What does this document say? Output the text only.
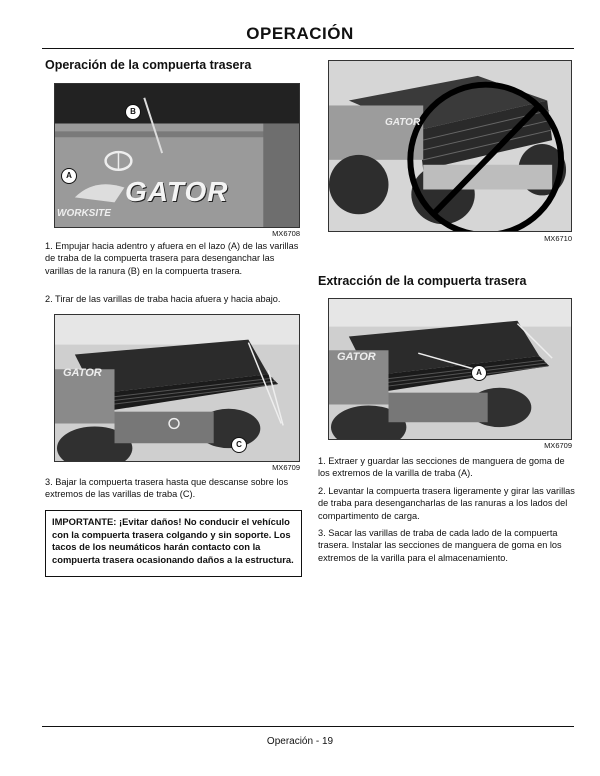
OPERACIÓN
Operación de la compuerta trasera
B
A
GATOR
WORKSITE
MX6708
1. Empujar hacia adentro y afuera en el lazo (A) de las varillas de traba de la compuerta trasera para desenganchar las varillas de la ranura (B) en la compuerta trasera.
2. Tirar de las varillas de traba hacia afuera y hacia abajo.
GATOR
C
MX6709
3. Bajar la compuerta trasera hasta que descanse sobre los extremos de las varillas de traba (C).
IMPORTANTE: ¡Evitar daños! No conducir el vehículo con la compuerta trasera colgando y sin soporte. Los tacos de los neumáticos harán contacto con la compuerta trasera ocasionando daños a la estructura.
GATOR
MX6710
Extracción de la compuerta trasera
GATOR
A
MX6709
1. Extraer y guardar las secciones de manguera de goma de los extremos de la varilla de traba (A).
2. Levantar la compuerta trasera ligeramente y girar las varillas de traba para desengancharlas de las ranuras a los lados del compartimento de carga.
3. Sacar las varillas de traba de cada lado de la compuerta trasera. Instalar las secciones de manguera de goma en los extremos de la varilla para el almacenamiento.
Operación - 19
